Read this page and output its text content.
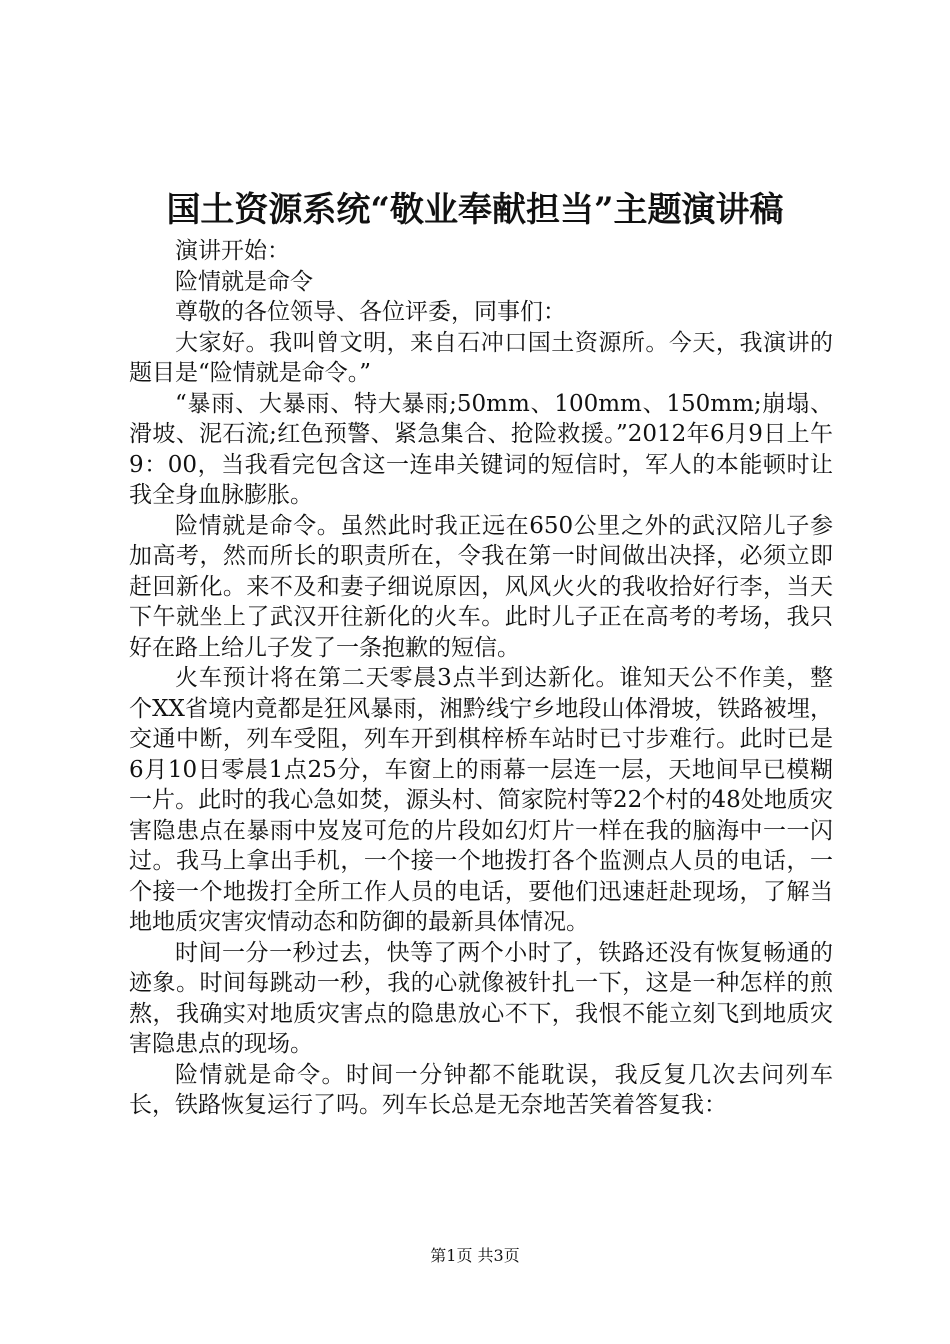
国土资源系统“敬业奉献担当”主题演讲稿

演讲开始：

险情就是命令

尊敬的各位领导、各位评委，同事们：

大家好。我叫曾文明，来自石冲口国土资源所。今天，我演讲的题目是“险情就是命令。”

“暴雨、大暴雨、特大暴雨;50mm、100mm、150mm;崩塌、滑坡、泥石流;红色预警、紧急集合、抢险救援。”2012年6月9日上午9：00，当我看完包含这一连串关键词的短信时，军人的本能顿时让我全身血脉膨胀。

险情就是命令。虽然此时我正远在650公里之外的武汉陪儿子参加高考，然而所长的职责所在，令我在第一时间做出决择，必须立即赶回新化。来不及和妻子细说原因，风风火火的我收拾好行李，当天下午就坐上了武汉开往新化的火车。此时儿子正在高考的考场，我只好在路上给儿子发了一条抱歉的短信。

火车预计将在第二天零晨3点半到达新化。谁知天公不作美，整个XX省境内竟都是狂风暴雨，湘黔线宁乡地段山体滑坡，铁路被埋，交通中断，列车受阻，列车开到棋梓桥车站时已寸步难行。此时已是6月10日零晨1点25分，车窗上的雨幕一层连一层，天地间早已模糊一片。此时的我心急如焚，源头村、简家院村等22个村的48处地质灾害隐患点在暴雨中岌岌可危的片段如幻灯片一样在我的脑海中一一闪过。我马上拿出手机，一个接一个地拨打各个监测点人员的电话，一个接一个地拨打全所工作人员的电话，要他们迅速赶赴现场，了解当地地质灾害灾情动态和防御的最新具体情况。

时间一分一秒过去，快等了两个小时了，铁路还没有恢复畅通的迹象。时间每跳动一秒，我的心就像被针扎一下，这是一种怎样的煎熬，我确实对地质灾害点的隐患放心不下，我恨不能立刻飞到地质灾害隐患点的现场。

险情就是命令。时间一分钟都不能耽误，我反复几次去问列车长，铁路恢复运行了吗。列车长总是无奈地苦笑着答复我：

第1页 共3页
